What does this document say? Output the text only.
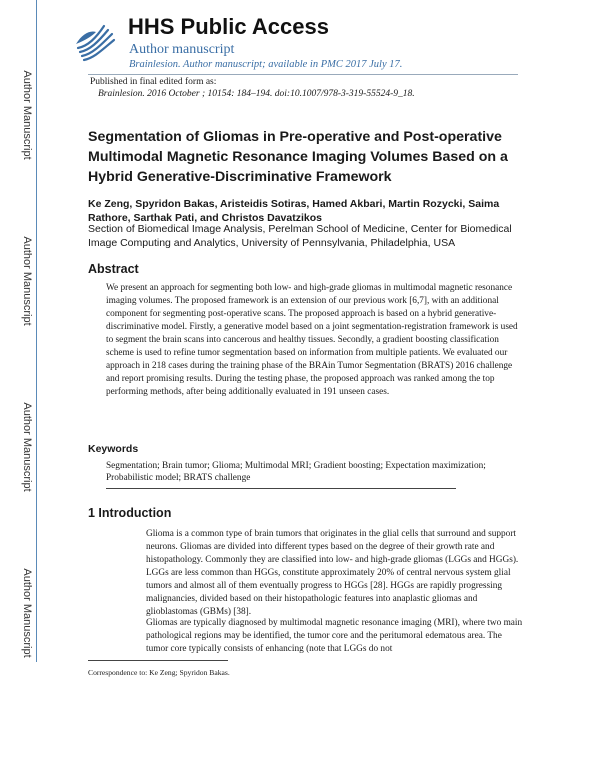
Author Manuscript
Author Manuscript
Author Manuscript
Author Manuscript
HHS Public Access
Author manuscript
Brainlesion. Author manuscript; available in PMC 2017 July 17.
Published in final edited form as:
Brainlesion. 2016 October ; 10154: 184–194. doi:10.1007/978-3-319-55524-9_18.
Segmentation of Gliomas in Pre-operative and Post-operative Multimodal Magnetic Resonance Imaging Volumes Based on a Hybrid Generative-Discriminative Framework
Ke Zeng, Spyridon Bakas, Aristeidis Sotiras, Hamed Akbari, Martin Rozycki, Saima Rathore, Sarthak Pati, and Christos Davatzikos
Section of Biomedical Image Analysis, Perelman School of Medicine, Center for Biomedical Image Computing and Analytics, University of Pennsylvania, Philadelphia, USA
Abstract
We present an approach for segmenting both low- and high-grade gliomas in multimodal magnetic resonance imaging volumes. The proposed framework is an extension of our previous work [6,7], with an additional component for segmenting post-operative scans. The proposed approach is based on a hybrid generative-discriminative model. Firstly, a generative model based on a joint segmentation-registration framework is used to segment the brain scans into cancerous and healthy tissues. Secondly, a gradient boosting classification scheme is used to refine tumor segmentation based on information from multiple patients. We evaluated our approach in 218 cases during the training phase of the BRAin Tumor Segmentation (BRATS) 2016 challenge and report promising results. During the testing phase, the proposed approach was ranked among the top performing methods, after being additionally evaluated in 191 unseen cases.
Keywords
Segmentation; Brain tumor; Glioma; Multimodal MRI; Gradient boosting; Expectation maximization; Probabilistic model; BRATS challenge
1 Introduction
Glioma is a common type of brain tumors that originates in the glial cells that surround and support neurons. Gliomas are divided into different types based on the degree of their growth rate and histopathology. Commonly they are classified into low- and high-grade gliomas (LGGs and HGGs). LGGs are less common than HGGs, constitute approximately 20% of central nervous system glial tumors and almost all of them eventually progress to HGGs [28]. HGGs are rapidly progressing malignancies, divided based on their histopathologic features into anaplastic gliomas and glioblastomas (GBMs) [38].
Gliomas are typically diagnosed by multimodal magnetic resonance imaging (MRI), where two main pathological regions may be identified, the tumor core and the peritumoral edematous area. The tumor core typically consists of enhancing (note that LGGs do not
Correspondence to: Ke Zeng; Spyridon Bakas.
